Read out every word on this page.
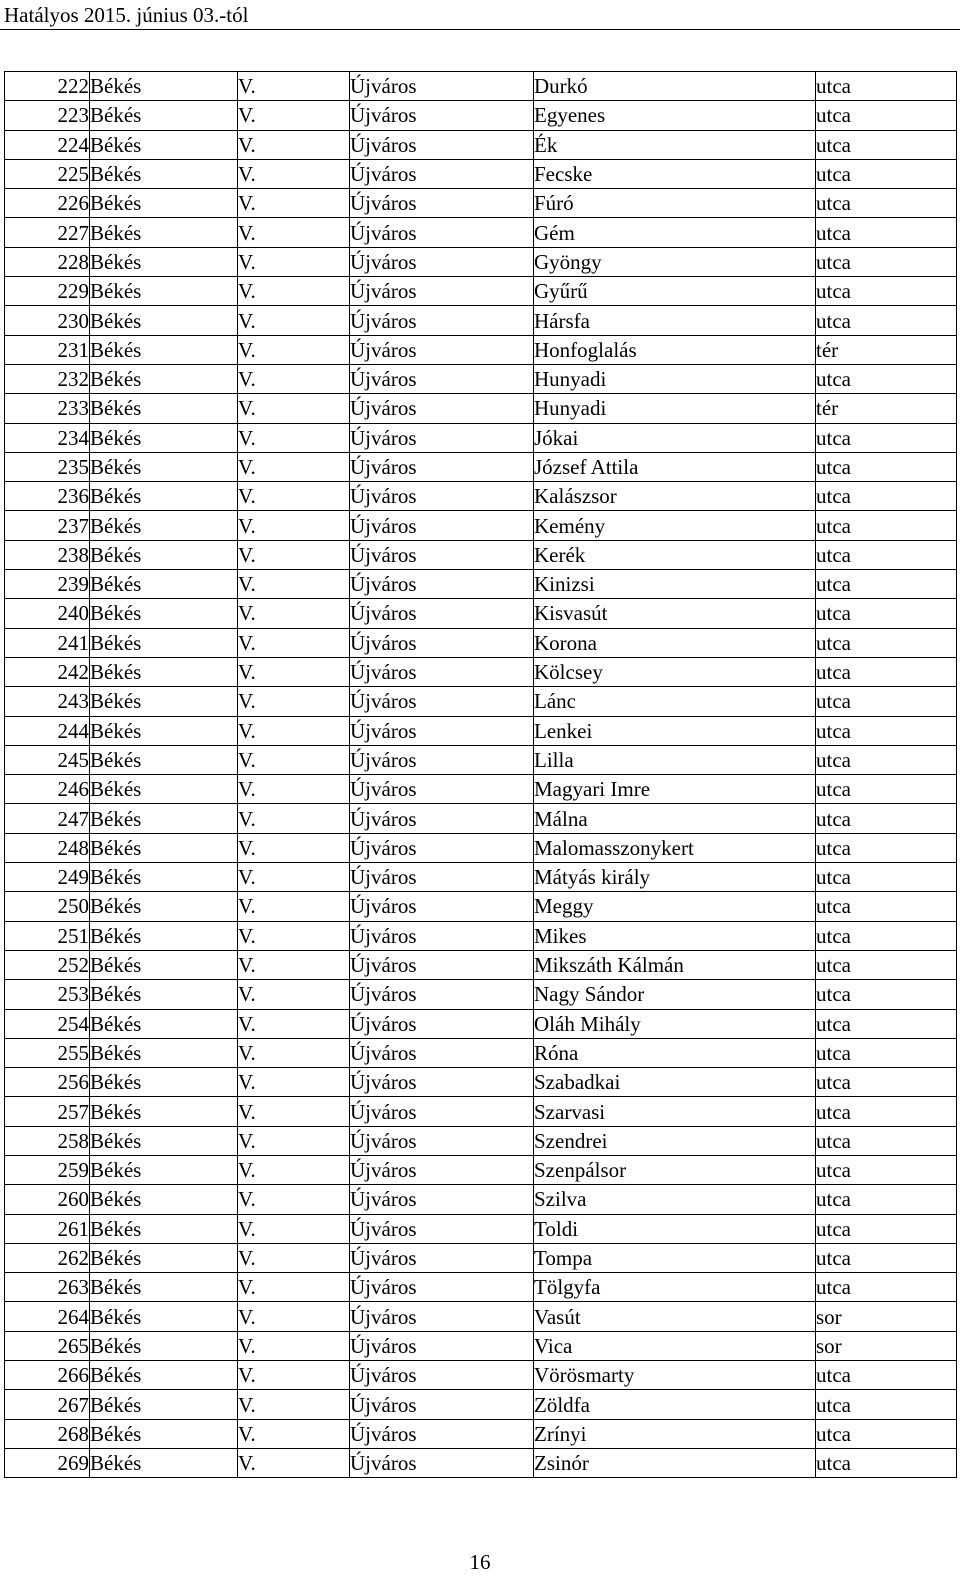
Hatályos 2015. június 03.-tól
222	Békés	V.	Újváros	Durkó	utca
223	Békés	V.	Újváros	Egyenes	utca
224	Békés	V.	Újváros	Ék	utca
225	Békés	V.	Újváros	Fecske	utca
226	Békés	V.	Újváros	Fúró	utca
227	Békés	V.	Újváros	Gém	utca
228	Békés	V.	Újváros	Gyöngy	utca
229	Békés	V.	Újváros	Gyűrű	utca
230	Békés	V.	Újváros	Hársfa	utca
231	Békés	V.	Újváros	Honfoglalás	tér
232	Békés	V.	Újváros	Hunyadi	utca
233	Békés	V.	Újváros	Hunyadi	tér
234	Békés	V.	Újváros	Jókai	utca
235	Békés	V.	Újváros	József Attila	utca
236	Békés	V.	Újváros	Kalászsor	utca
237	Békés	V.	Újváros	Kemény	utca
238	Békés	V.	Újváros	Kerék	utca
239	Békés	V.	Újváros	Kinizsi	utca
240	Békés	V.	Újváros	Kisvasút	utca
241	Békés	V.	Újváros	Korona	utca
242	Békés	V.	Újváros	Kölcsey	utca
243	Békés	V.	Újváros	Lánc	utca
244	Békés	V.	Újváros	Lenkei	utca
245	Békés	V.	Újváros	Lilla	utca
246	Békés	V.	Újváros	Magyari Imre	utca
247	Békés	V.	Újváros	Málna	utca
248	Békés	V.	Újváros	Malomasszonykert	utca
249	Békés	V.	Újváros	Mátyás király	utca
250	Békés	V.	Újváros	Meggy	utca
251	Békés	V.	Újváros	Mikes	utca
252	Békés	V.	Újváros	Mikszáth Kálmán	utca
253	Békés	V.	Újváros	Nagy Sándor	utca
254	Békés	V.	Újváros	Oláh Mihály	utca
255	Békés	V.	Újváros	Róna	utca
256	Békés	V.	Újváros	Szabadkai	utca
257	Békés	V.	Újváros	Szarvasi	utca
258	Békés	V.	Újváros	Szendrei	utca
259	Békés	V.	Újváros	Szenpálsor	utca
260	Békés	V.	Újváros	Szilva	utca
261	Békés	V.	Újváros	Toldi	utca
262	Békés	V.	Újváros	Tompa	utca
263	Békés	V.	Újváros	Tölgyfa	utca
264	Békés	V.	Újváros	Vasút	sor
265	Békés	V.	Újváros	Vica	sor
266	Békés	V.	Újváros	Vörösmarty	utca
267	Békés	V.	Újváros	Zöldfa	utca
268	Békés	V.	Újváros	Zrínyi	utca
269	Békés	V.	Újváros	Zsinór	utca
16
